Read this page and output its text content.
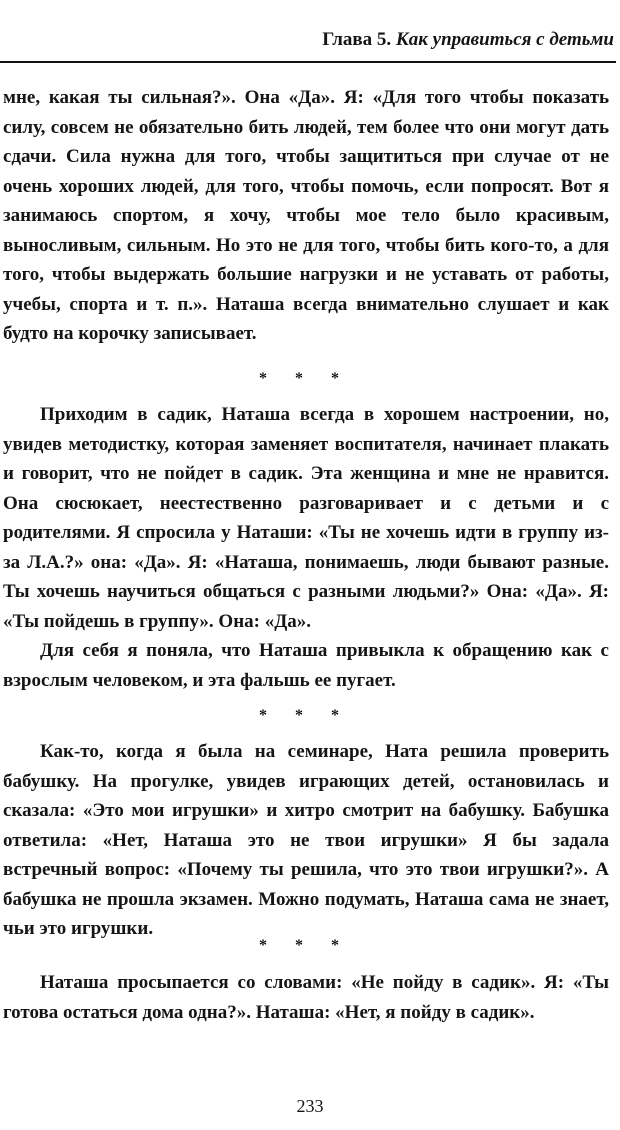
Глава 5. Как управиться с детьми

мне, какая ты сильная?». Она «Да». Я: «Для того чтобы показать силу, совсем не обязательно бить людей, тем более что они могут дать сдачи. Сила нужна для того, чтобы защититься при случае от не очень хороших людей, для того, чтобы помочь, если попросят. Вот я занимаюсь спортом, я хочу, чтобы мое тело было красивым, выносливым, сильным. Но это не для того, чтобы бить кого-то, а для того, чтобы выдержать большие нагрузки и не уставать от работы, учебы, спорта и т. п.». Наташа всегда внимательно слушает и как будто на корочку записывает.

* * *

Приходим в садик, Наташа всегда в хорошем настроении, но, увидев методистку, которая заменяет воспитателя, начинает плакать и говорит, что не пойдет в садик. Эта женщина и мне не нравится. Она сюсюкает, неестественно разговаривает и с детьми и с родителями. Я спросила у Наташи: «Ты не хочешь идти в группу из-за Л.А.?» она: «Да». Я: «Наташа, понимаешь, люди бывают разные. Ты хочешь научиться общаться с разными людьми?» Она: «Да». Я: «Ты пойдешь в группу». Она: «Да».

Для себя я поняла, что Наташа привыкла к обращению как с взрослым человеком, и эта фальшь ее пугает.

* * *

Как-то, когда я была на семинаре, Ната решила проверить бабушку. На прогулке, увидев играющих детей, остановилась и сказала: «Это мои игрушки» и хитро смотрит на бабушку. Бабушка ответила: «Нет, Наташа это не твои игрушки» Я бы задала встречный вопрос: «Почему ты решила, что это твои игрушки?». А бабушка не прошла экзамен. Можно подумать, Наташа сама не знает, чьи это игрушки.

* * *

Наташа просыпается со словами: «Не пойду в садик». Я: «Ты готова остаться дома одна?». Наташа: «Нет, я пойду в садик».

233
